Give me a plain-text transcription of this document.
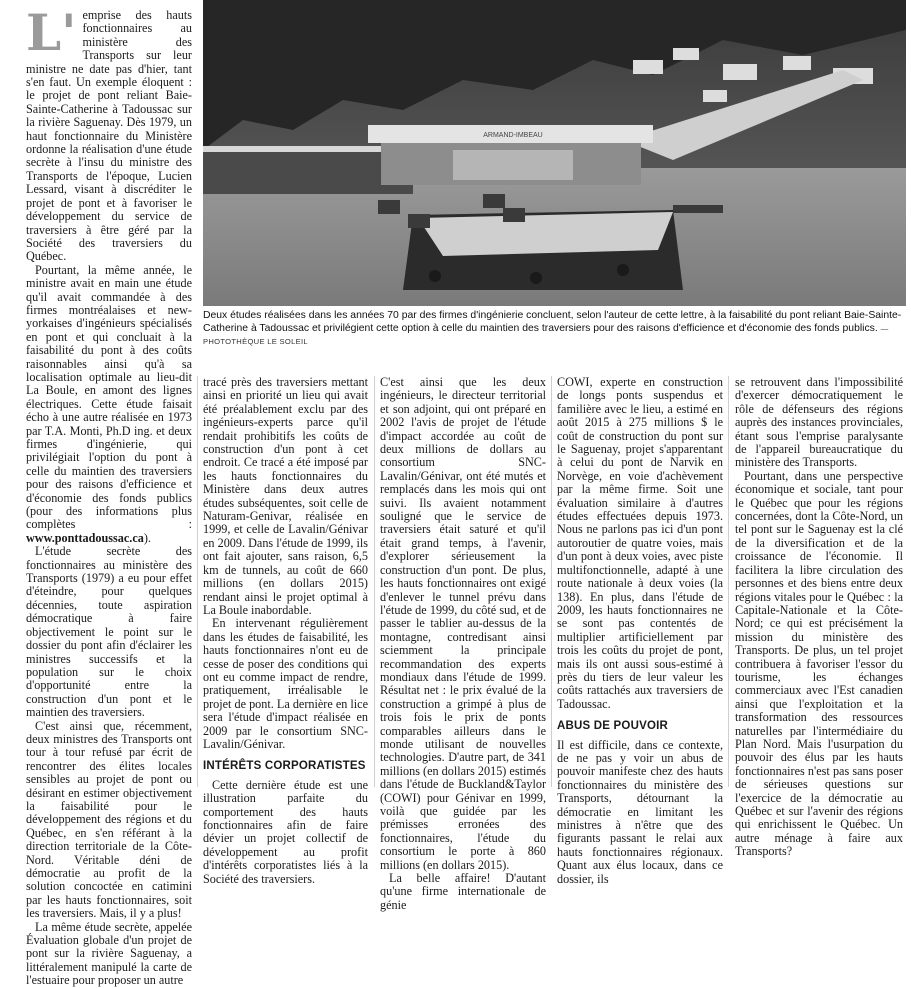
L' emprise des hauts fonctionnaires au ministère des Transports sur leur ministre ne date pas d'hier, tant s'en faut. Un exemple éloquent : le projet de pont reliant Baie-Sainte-Catherine à Tadoussac sur la rivière Saguenay. Dès 1979, un haut fonctionnaire du Ministère ordonne la réalisation d'une étude secrète à l'insu du ministre des Transports de l'époque, Lucien Lessard, visant à discréditer le projet de pont et à favoriser le développement du service de traversiers à être géré par la Société des traversiers du Québec.

Pourtant, la même année, le ministre avait en main une étude qu'il avait commandée à des firmes montréalaises et new-yorkaises d'ingénieurs spécialisés en pont et qui concluait à la faisabilité du pont à des coûts raisonnables ainsi qu'à sa localisation optimale au lieu-dit La Boule, en amont des lignes électriques. Cette étude faisait écho à une autre réalisée en 1973 par T.A. Monti, Ph.D ing. et deux firmes d'ingénierie, qui privilégiait l'option du pont à celle du maintien des traversiers pour des raisons d'efficience et d'économie des fonds publics (pour des informations plus complètes : www.ponttadoussac.ca).

L'étude secrète des fonctionnaires au ministère des Transports (1979) a eu pour effet d'éteindre, pour quelques décennies, toute aspiration démocratique à faire objectivement le point sur le dossier du pont afin d'éclairer les ministres successifs et la population sur le choix d'opportunité entre la construction d'un pont et le maintien des traversiers.

C'est ainsi que, récemment, deux ministres des Transports ont tour à tour refusé par écrit de rencontrer des élites locales sensibles au projet de pont ou désirant en estimer objectivement la faisabilité pour le développement des régions et du Québec, en s'en référant à la direction territoriale de la Côte-Nord. Véritable déni de démocratie au profit de la solution concoctée en catimini par les hauts fonctionnaires, soit les traversiers. Mais, il y a plus!

La même étude secrète, appelée Évaluation globale d'un projet de pont sur la rivière Saguenay, a littéralement manipulé la carte de l'estuaire pour proposer un autre

ARMAND-IMBEAU
Deux études réalisées dans les années 70 par des firmes d'ingénierie concluent, selon l'auteur de cette lettre, à la faisabilité du pont reliant Baie-Sainte-Catherine à Tadoussac et privilégient cette option à celle du maintien des traversiers pour des raisons d'efficience et d'économie des fonds publics. — PHOTOTHÈQUE LE SOLEIL

tracé près des traversiers mettant ainsi en priorité un lieu qui avait été préalablement exclu par des ingénieurs-experts parce qu'il rendait prohibitifs les coûts de construction d'un pont à cet endroit. Ce tracé a été imposé par les hauts fonctionnaires du Ministère dans deux autres études subséquentes, soit celle de Naturam-Genivar, réalisée en 1999, et celle de Lavalin/Génivar en 2009. Dans l'étude de 1999, ils ont fait ajouter, sans raison, 6,5 km de tunnels, au coût de 660 millions (en dollars 2015) rendant ainsi le projet optimal à La Boule inabordable.

En intervenant régulièrement dans les études de faisabilité, les hauts fonctionnaires n'ont eu de cesse de poser des conditions qui ont eu comme impact de rendre, pratiquement, irréalisable le projet de pont. La dernière en lice sera l'étude d'impact réalisée en 2009 par le consortium SNC-Lavalin/Génivar.

INTÉRÊTS CORPORATISTES

Cette dernière étude est une illustration parfaite du comportement des hauts fonctionnaires afin de faire dévier un projet collectif de développement au profit d'intérêts corporatistes liés à la Société des traversiers.

C'est ainsi que les deux ingénieurs, le directeur territorial et son adjoint, qui ont préparé en 2002 l'avis de projet de l'étude d'impact accordée au coût de deux millions de dollars au consortium SNC-Lavalin/Génivar, ont été mutés et remplacés dans les mois qui ont suivi. Ils avaient notamment souligné que le service de traversiers était saturé et qu'il était grand temps, à l'avenir, d'explorer sérieusement la construction d'un pont. De plus, les hauts fonctionnaires ont exigé d'enlever le tunnel prévu dans l'étude de 1999, du côté sud, et de passer le tablier au-dessus de la montagne, contredisant ainsi sciemment la principale recommandation des experts mondiaux dans l'étude de 1999. Résultat net : le prix évalué de la construction a grimpé à plus de trois fois le prix de ponts comparables ailleurs dans le monde utilisant de nouvelles technologies. D'autre part, de 341 millions (en dollars 2015) estimés dans l'étude de Buckland&Taylor (COWI) pour Génivar en 1999, voilà que guidée par les prémisses erronées des fonctionnaires, l'étude du consortium le porte à 860 millions (en dollars 2015).

La belle affaire! D'autant qu'une firme internationale de génie

COWI, experte en construction de longs ponts suspendus et familière avec le lieu, a estimé en août 2015 à 275 millions $ le coût de construction du pont sur le Saguenay, projet s'apparentant à celui du pont de Narvik en Norvège, en voie d'achèvement par la même firme. Soit une évaluation similaire à d'autres études effectuées depuis 1973. Nous ne parlons pas ici d'un pont autoroutier de quatre voies, mais d'un pont à deux voies, avec piste multifonctionnelle, adapté à une route nationale à deux voies (la 138). En plus, dans l'étude de 2009, les hauts fonctionnaires ne se sont pas contentés de multiplier artificiellement par trois les coûts du projet de pont, mais ils ont aussi sous-estimé à près du tiers de leur valeur les coûts rattachés aux traversiers de Tadoussac.

ABUS DE POUVOIR

Il est difficile, dans ce contexte, de ne pas y voir un abus de pouvoir manifeste chez des hauts fonctionnaires du ministère des Transports, détournant la démocratie en limitant les ministres à n'être que des figurants passant le relai aux hauts fonctionnaires régionaux. Quant aux élus locaux, dans ce dossier, ils

se retrouvent dans l'impossibilité d'exercer démocratiquement le rôle de défenseurs des régions auprès des instances provinciales, étant sous l'emprise paralysante de l'appareil bureaucratique du ministère des Transports.

Pourtant, dans une perspective économique et sociale, tant pour le Québec que pour les régions concernées, dont la Côte-Nord, un tel pont sur le Saguenay est la clé de la diversification et de la croissance de l'économie. Il facilitera la libre circulation des personnes et des biens entre deux régions vitales pour le Québec : la Capitale-Nationale et la Côte-Nord; ce qui est précisément la mission du ministère des Transports. De plus, un tel projet contribuera à favoriser l'essor du tourisme, les échanges commerciaux avec l'Est canadien ainsi que l'exploitation et la transformation des ressources naturelles par l'intermédiaire du Plan Nord. Mais l'usurpation du pouvoir des élus par les hauts fonctionnaires n'est pas sans poser de sérieuses questions sur l'exercice de la démocratie au Québec et sur l'avenir des régions qui enrichissent le Québec. Un autre ménage à faire aux Transports?
